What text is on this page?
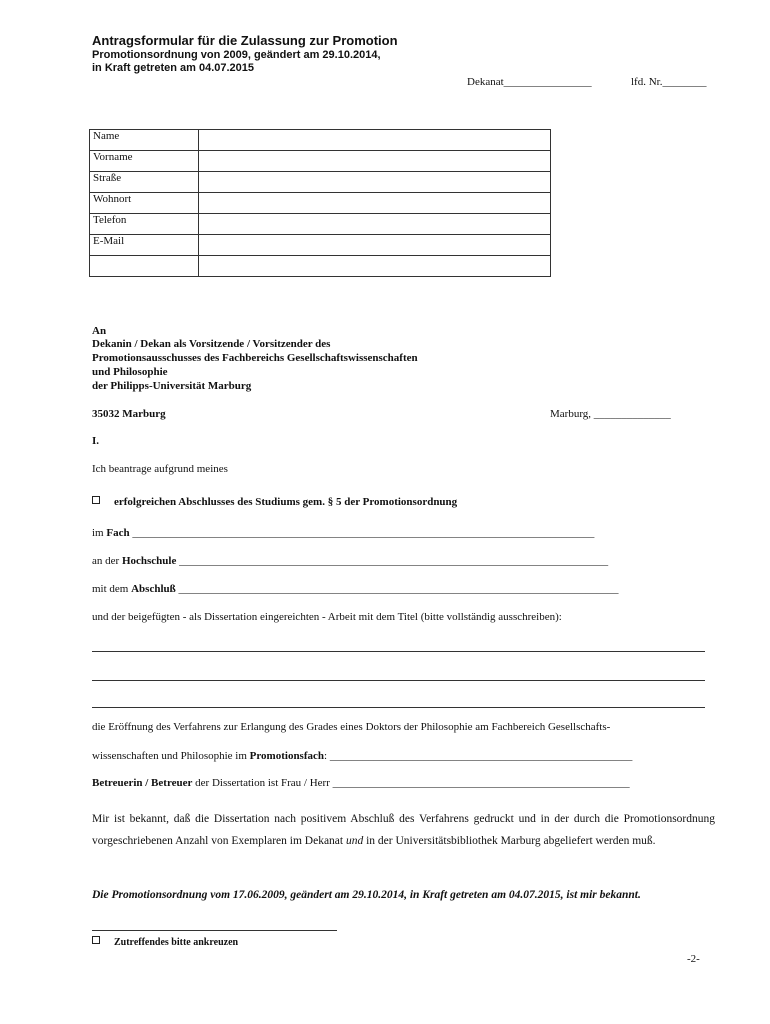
Antragsformular für die Zulassung zur Promotion
Promotionsordnung von 2009, geändert am 29.10.2014,
in Kraft getreten am 04.07.2015
Dekanat________________	lfd. Nr.________
Name	
Vorname	
Straße	
Wohnort	
Telefon	
E-Mail	

An
Dekanin / Dekan als Vorsitzende / Vorsitzender des
Promotionsausschusses des Fachbereichs Gesellschaftswissenschaften
und Philosophie
der Philipps-Universität Marburg
35032 Marburg	Marburg, ______________
I.
Ich beantrage aufgrund meines
erfolgreichen Abschlusses des Studiums gem. § 5 der Promotionsordnung
im Fach ____________________________________________________________________________________
an der Hochschule ______________________________________________________________________________
mit dem Abschluß ________________________________________________________________________________
und der beigefügten - als Dissertation eingereichten - Arbeit mit dem Titel (bitte vollständig ausschreiben):
die Eröffnung des Verfahrens zur Erlangung des Grades eines Doktors der Philosophie am Fachbereich Gesellschafts-
wissenschaften und Philosophie im Promotionsfach: _______________________________________________________
Betreuerin / Betreuer der Dissertation ist Frau / Herr ______________________________________________________
Mir ist bekannt, daß die Dissertation nach positivem Abschluß des Verfahrens gedruckt und in der durch die Promotionsordnung vorgeschriebenen Anzahl von Exemplaren im Dekanat und in der Universitätsbibliothek Marburg abgeliefert werden muß.
Die Promotionsordnung vom 17.06.2009, geändert am 29.10.2014, in Kraft getreten am 04.07.2015, ist mir bekannt.
Zutreffendes bitte ankreuzen
-2-
